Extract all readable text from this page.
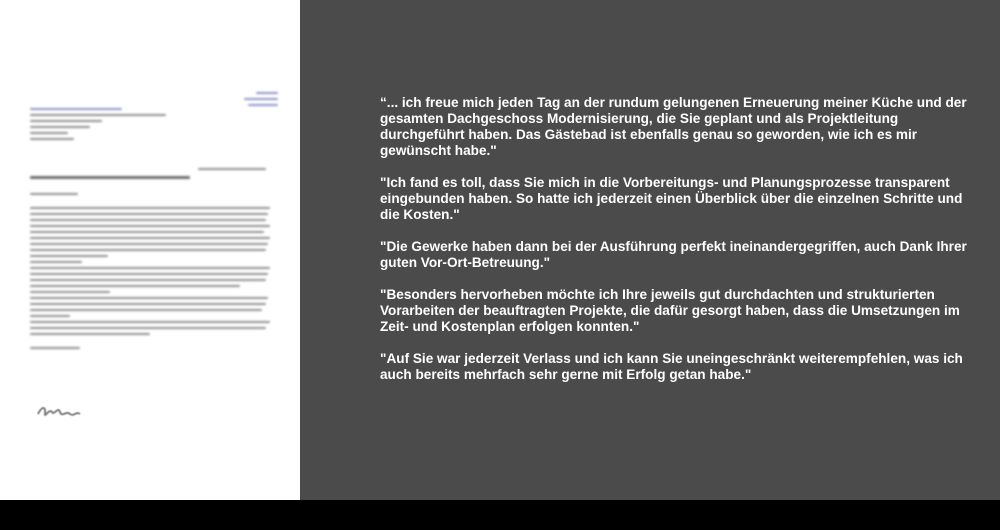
“... ich freue mich jeden Tag an der rundum gelungenen Erneuerung meiner Küche und der gesamten Dachgeschoss Modernisierung, die Sie geplant und als Projektleitung durchgeführt haben. Das Gästebad ist ebenfalls genau so geworden, wie ich es mir gewünscht habe."

"Ich fand es toll, dass Sie mich in die Vorbereitungs- und Planungsprozesse transparent eingebunden haben. So hatte ich jederzeit einen Überblick über die einzelnen Schritte und die Kosten."

"Die Gewerke haben dann bei der Ausführung perfekt ineinandergegriffen, auch Dank Ihrer guten Vor-Ort-Betreuung."

"Besonders hervorheben möchte ich Ihre jeweils gut durchdachten und strukturierten Vorarbeiten der beauftragten Projekte, die dafür gesorgt haben, dass die Umsetzungen im Zeit- und Kostenplan erfolgen konnten."

"Auf Sie war jederzeit Verlass und ich kann Sie uneingeschränkt weiterempfehlen, was ich auch bereits mehrfach sehr gerne mit Erfolg getan habe."
